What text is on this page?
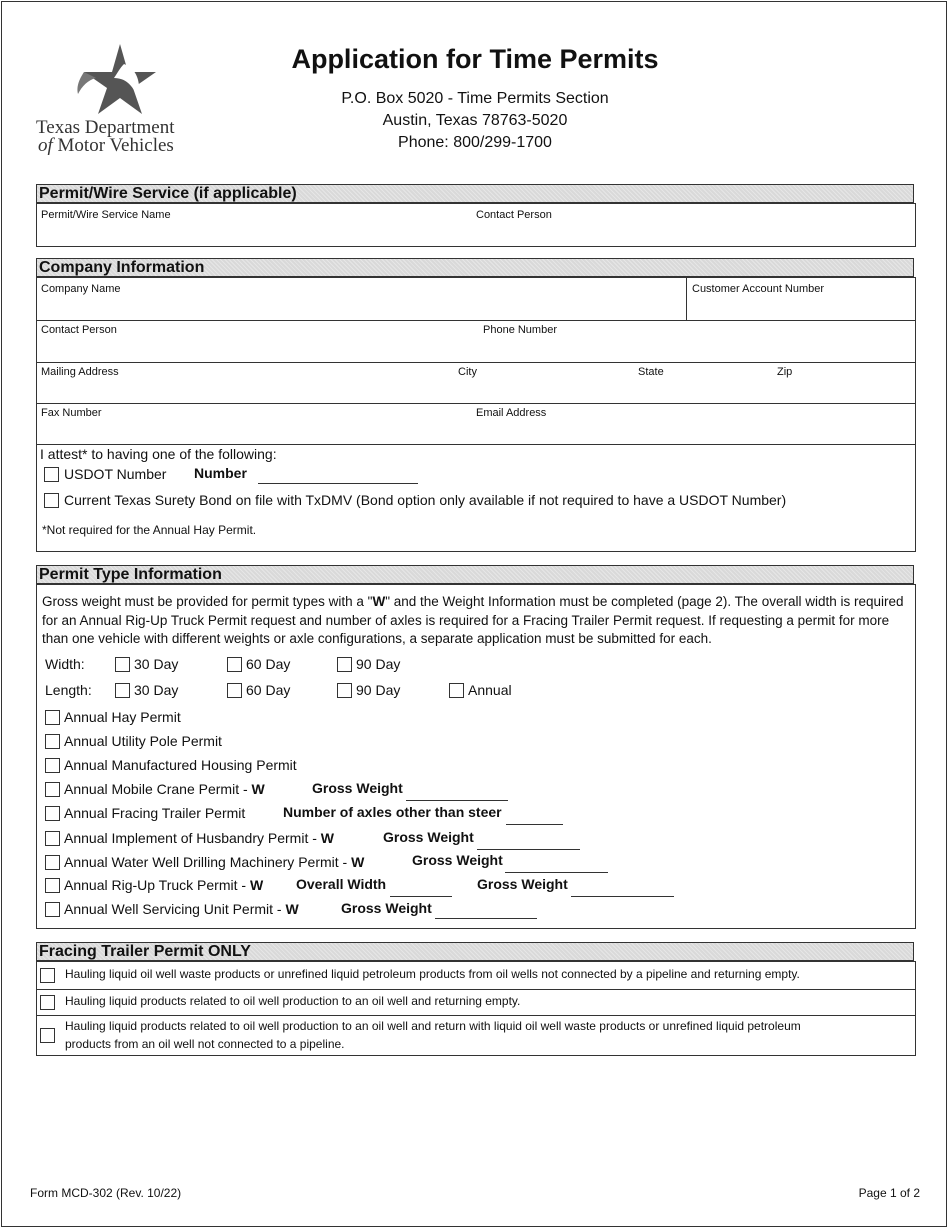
Texas Department
of Motor Vehicles
Application for Time Permits
P.O. Box 5020 - Time Permits Section
Austin, Texas 78763-5020
Phone: 800/299-1700
Permit/Wire Service (if applicable)
Permit/Wire Service Name	Contact Person
Company Information
Company Name	Customer Account Number
Contact Person	Phone Number
Mailing Address	City	State	Zip
Fax Number	Email Address
I attest* to having one of the following:
USDOT Number Number
Current Texas Surety Bond on file with TxDMV (Bond option only available if not required to have a USDOT Number)
*Not required for the Annual Hay Permit.
Permit Type Information
Gross weight must be provided for permit types with a "W" and the Weight Information must be completed (page 2). The overall width is required for an Annual Rig-Up Truck Permit request and number of axles is required for a Fracing Trailer Permit request. If requesting a permit for more than one vehicle with different weights or axle configurations, a separate application must be submitted for each.
Width:	30 Day	60 Day	90 Day
Length:	30 Day	60 Day	90 Day	Annual
Annual Hay Permit
Annual Utility Pole Permit
Annual Manufactured Housing Permit
Annual Mobile Crane Permit - W	Gross Weight
Annual Fracing Trailer Permit	Number of axles other than steer
Annual Implement of Husbandry Permit - W	Gross Weight
Annual Water Well Drilling Machinery Permit - W	Gross Weight
Annual Rig-Up Truck Permit - W Overall Width	Gross Weight
Annual Well Servicing Unit Permit - W	Gross Weight
Fracing Trailer Permit ONLY
Hauling liquid oil well waste products or unrefined liquid petroleum products from oil wells not connected by a pipeline and returning empty.
Hauling liquid products related to oil well production to an oil well and returning empty.
Hauling liquid products related to oil well production to an oil well and return with liquid oil well waste products or unrefined liquid petroleum
products from an oil well not connected to a pipeline.
Form MCD-302 (Rev. 10/22)	Page 1 of 2
